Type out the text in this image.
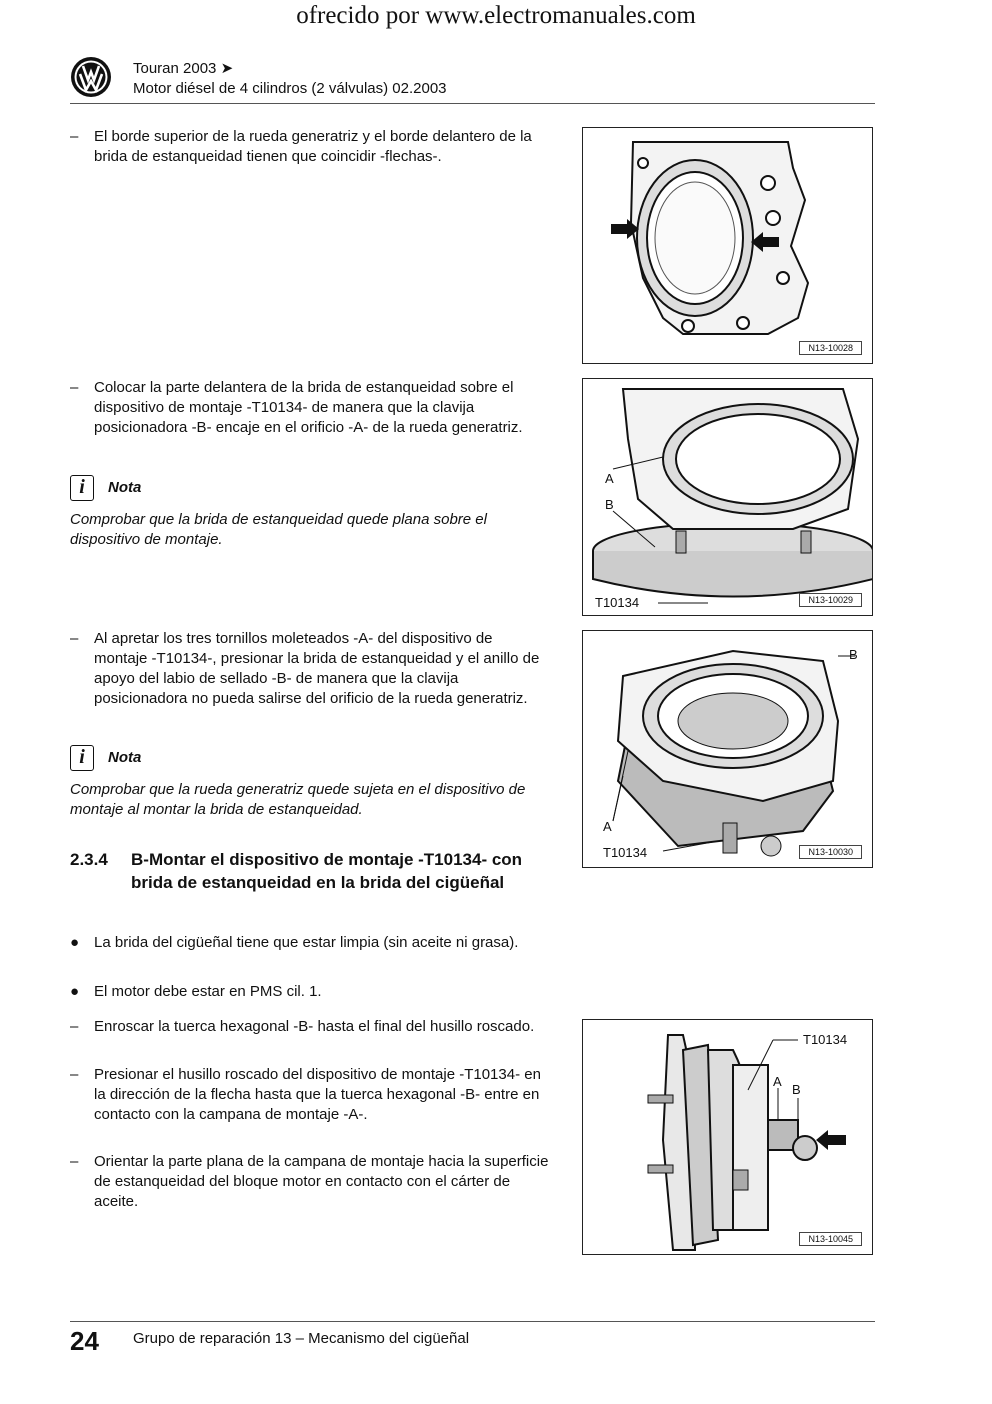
ofrecido por www.electromanuales.com
Touran 2003 ➤
Motor diésel de 4 cilindros (2 válvulas) 02.2003
– El borde superior de la rueda generatriz y el borde delantero de la brida de estanqueidad tienen que coincidir -flechas-.
N13-10028
– Colocar la parte delantera de la brida de estanqueidad sobre el dispositivo de montaje -T10134- de manera que la clavija posicionadora -B- encaje en el orificio -A- de la rueda generatriz.
i	Nota
Comprobar que la brida de estanqueidad quede plana sobre el dispositivo de montaje.
A
B
T10134	N13-10029
– Al apretar los tres tornillos moleteados -A- del dispositivo de montaje -T10134-, presionar la brida de estanqueidad y el anillo de apoyo del labio de sellado -B- de manera que la clavija posicionadora no pueda salirse del orificio de la rueda generatriz.
i	Nota
Comprobar que la rueda generatriz quede sujeta en el dispositivo de montaje al montar la brida de estanqueidad.
B
A
T10134	N13-10030
2.3.4 B-Montar el dispositivo de montaje -T10134- con brida de estanqueidad en la brida del cigüeñal
● La brida del cigüeñal tiene que estar limpia (sin aceite ni grasa).
● El motor debe estar en PMS cil. 1.
– Enroscar la tuerca hexagonal -B- hasta el final del husillo roscado.
– Presionar el husillo roscado del dispositivo de montaje -T10134- en la dirección de la flecha hasta que la tuerca hexagonal -B- entre en contacto con la campana de montaje -A-.
– Orientar la parte plana de la campana de montaje hacia la superficie de estanqueidad del bloque motor en contacto con el cárter de aceite.
T10134
A
B
N13-10045
24 Grupo de reparación 13 – Mecanismo del cigüeñal
